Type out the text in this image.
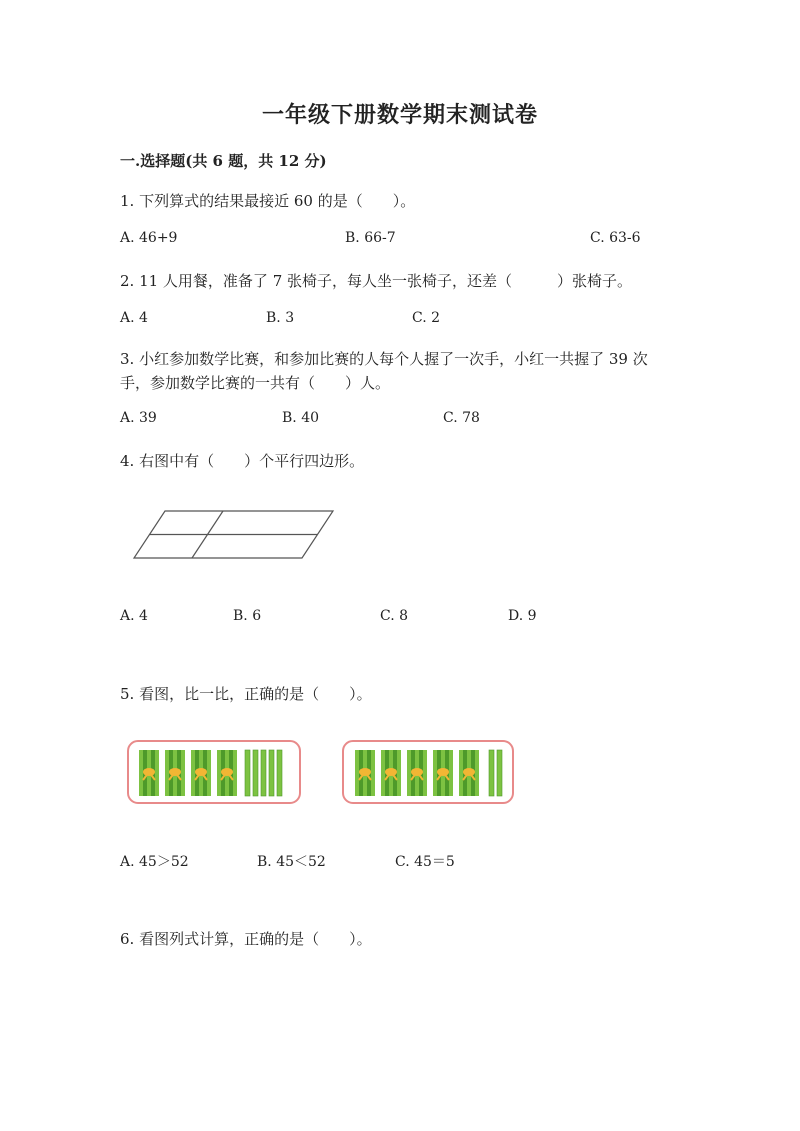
一年级下册数学期末测试卷
一.选择题(共 6 题，共 12 分)
1. 下列算式的结果最接近 60 的是（　　）。
A. 46+9	B. 66-7	C. 63-6
2. 11 人用餐，准备了 7 张椅子，每人坐一张椅子，还差（　　　）张椅子。
A. 4	B. 3	C. 2
3. 小红参加数学比赛，和参加比赛的人每个人握了一次手，小红一共握了 39 次
手，参加数学比赛的一共有（　　）人。
A. 39	B. 40	C. 78
4. 右图中有（　　）个平行四边形。
A. 4	B. 6	C. 8	D. 9
5. 看图，比一比，正确的是（　　）。
A. 45＞52	B. 45＜52	C. 45＝5
6. 看图列式计算，正确的是（　　）。
